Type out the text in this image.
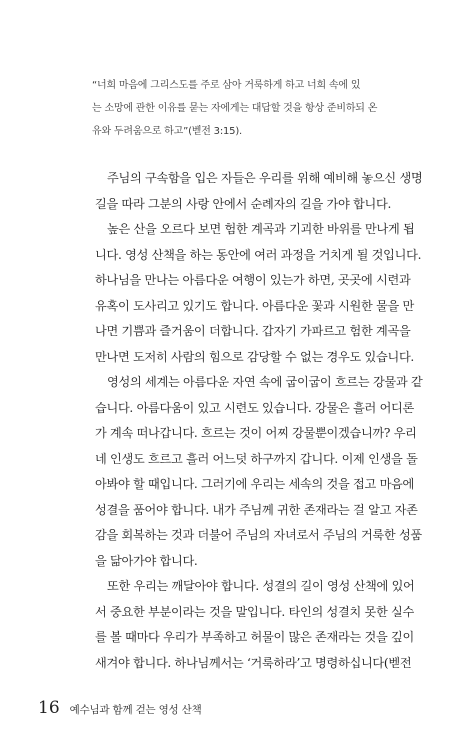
“너희 마음에 그리스도를 주로 삼아 거룩하게 하고 너희 속에 있
는 소망에 관한 이유를 묻는 자에게는 대답할 것을 항상 준비하되 온
유와 두려움으로 하고”(벧전 3:15).
주님의 구속함을 입은 자들은 우리를 위해 예비해 놓으신 생명
길을 따라 그분의 사랑 안에서 순례자의 길을 가야 합니다.
높은 산을 오르다 보면 험한 계곡과 기괴한 바위를 만나게 됩
니다. 영성 산책을 하는 동안에 여러 과정을 거치게 될 것입니다.
하나님을 만나는 아름다운 여행이 있는가 하면, 곳곳에 시련과
유혹이 도사리고 있기도 합니다. 아름다운 꽃과 시원한 물을 만
나면 기쁨과 즐거움이 더합니다. 갑자기 가파르고 험한 계곡을
만나면 도저히 사람의 힘으로 감당할 수 없는 경우도 있습니다.
영성의 세계는 아름다운 자연 속에 굽이굽이 흐르는 강물과 같
습니다. 아름다움이 있고 시련도 있습니다. 강물은 흘러 어디론
가 계속 떠나갑니다. 흐르는 것이 어찌 강물뿐이겠습니까? 우리
네 인생도 흐르고 흘러 어느덧 하구까지 갑니다. 이제 인생을 돌
아봐야 할 때입니다. 그러기에 우리는 세속의 것을 접고 마음에
성결을 품어야 합니다. 내가 주님께 귀한 존재라는 걸 알고 자존
감을 회복하는 것과 더불어 주님의 자녀로서 주님의 거룩한 성품
을 닮아가야 합니다.
또한 우리는 깨달아야 합니다. 성결의 길이 영성 산책에 있어
서 중요한 부분이라는 것을 말입니다. 타인의 성결치 못한 실수
를 볼 때마다 우리가 부족하고 허물이 많은 존재라는 것을 깊이
새겨야 합니다. 하나님께서는 ‘거룩하라’고 명령하십니다(벧전
16 예수님과 함께 걷는 영성 산책
